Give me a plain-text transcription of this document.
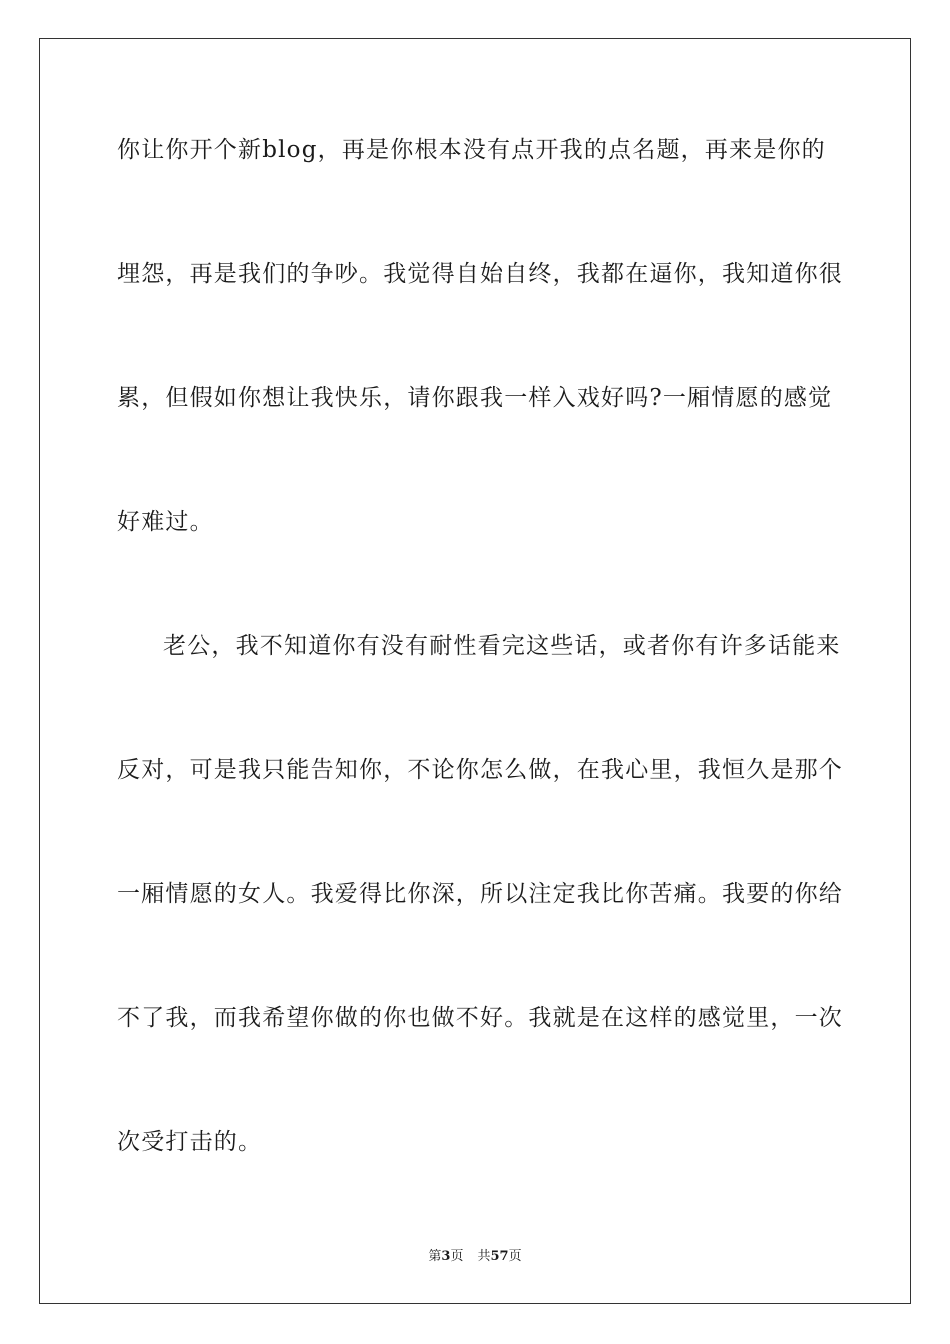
你让你开个新blog，再是你根本没有点开我的点名题，再来是你的
埋怨，再是我们的争吵。我觉得自始自终，我都在逼你，我知道你很
累，但假如你想让我快乐，请你跟我一样入戏好吗?一厢情愿的感觉
好难过。
老公，我不知道你有没有耐性看完这些话，或者你有许多话能来
反对，可是我只能告知你，不论你怎么做，在我心里，我恒久是那个
一厢情愿的女人。我爱得比你深，所以注定我比你苦痛。我要的你给
不了我，而我希望你做的你也做不好。我就是在这样的感觉里，一次
次受打击的。
第3页 共57页
